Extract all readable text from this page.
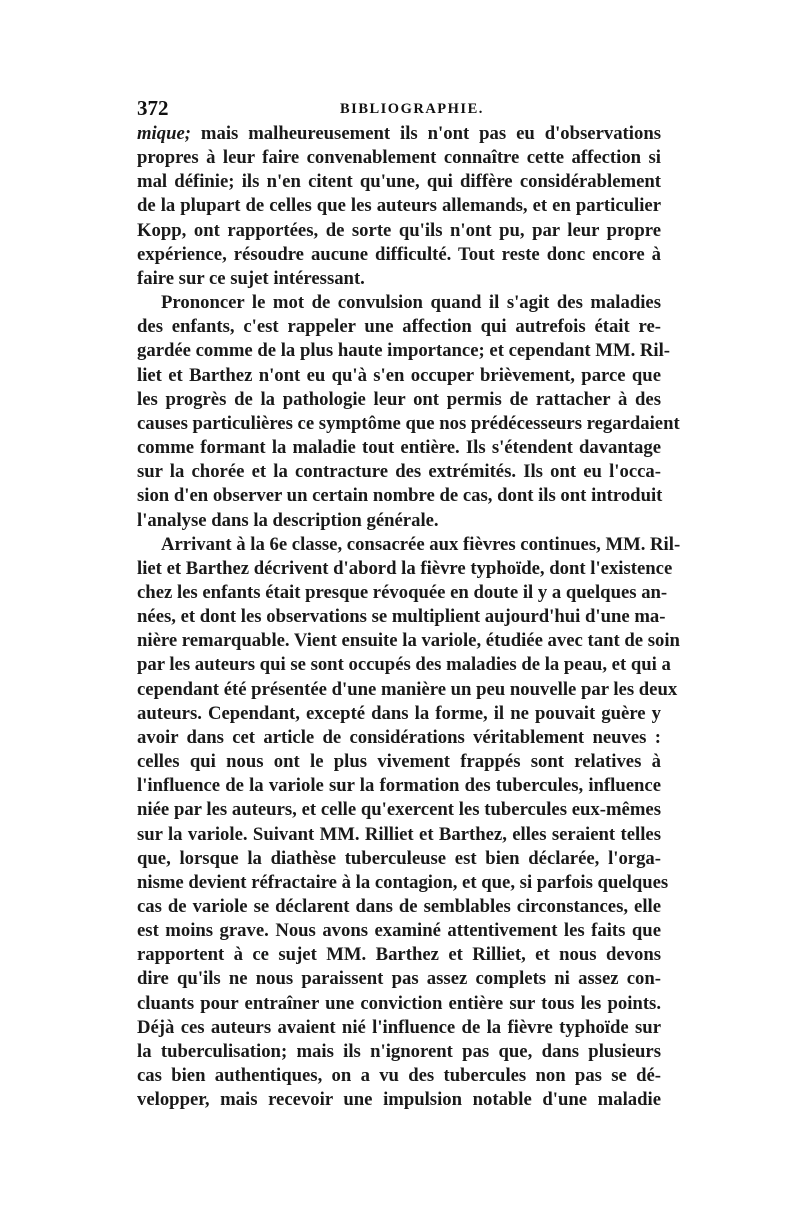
372	BIBLIOGRAPHIE.
mique; mais malheureusement ils n'ont pas eu d'observations
propres à leur faire convenablement connaître cette affection si
mal définie; ils n'en citent qu'une, qui diffère considérablement
de la plupart de celles que les auteurs allemands, et en particulier
Kopp, ont rapportées, de sorte qu'ils n'ont pu, par leur propre
expérience, résoudre aucune difficulté. Tout reste donc encore à
faire sur ce sujet intéressant.
Prononcer le mot de convulsion quand il s'agit des maladies
des enfants, c'est rappeler une affection qui autrefois était re-
gardée comme de la plus haute importance; et cependant MM. Ril-
liet et Barthez n'ont eu qu'à s'en occuper brièvement, parce que
les progrès de la pathologie leur ont permis de rattacher à des
causes particulières ce symptôme que nos prédécesseurs regardaient
comme formant la maladie tout entière. Ils s'étendent davantage
sur la chorée et la contracture des extrémités. Ils ont eu l'occa-
sion d'en observer un certain nombre de cas, dont ils ont introduit
l'analyse dans la description générale.
Arrivant à la 6e classe, consacrée aux fièvres continues, MM. Ril-
liet et Barthez décrivent d'abord la fièvre typhoïde, dont l'existence
chez les enfants était presque révoquée en doute il y a quelques an-
nées, et dont les observations se multiplient aujourd'hui d'une ma-
nière remarquable. Vient ensuite la variole, étudiée avec tant de soin
par les auteurs qui se sont occupés des maladies de la peau, et qui a
cependant été présentée d'une manière un peu nouvelle par les deux
auteurs. Cependant, excepté dans la forme, il ne pouvait guère y
avoir dans cet article de considérations véritablement neuves :
celles qui nous ont le plus vivement frappés sont relatives à
l'influence de la variole sur la formation des tubercules, influence
niée par les auteurs, et celle qu'exercent les tubercules eux-mêmes
sur la variole. Suivant MM. Rilliet et Barthez, elles seraient telles
que, lorsque la diathèse tuberculeuse est bien déclarée, l'orga-
nisme devient réfractaire à la contagion, et que, si parfois quelques
cas de variole se déclarent dans de semblables circonstances, elle
est moins grave. Nous avons examiné attentivement les faits que
rapportent à ce sujet MM. Barthez et Rilliet, et nous devons
dire qu'ils ne nous paraissent pas assez complets ni assez con-
cluants pour entraîner une conviction entière sur tous les points.
Déjà ces auteurs avaient nié l'influence de la fièvre typhoïde sur
la tuberculisation; mais ils n'ignorent pas que, dans plusieurs
cas bien authentiques, on a vu des tubercules non pas se dé-
velopper, mais recevoir une impulsion notable d'une maladie
